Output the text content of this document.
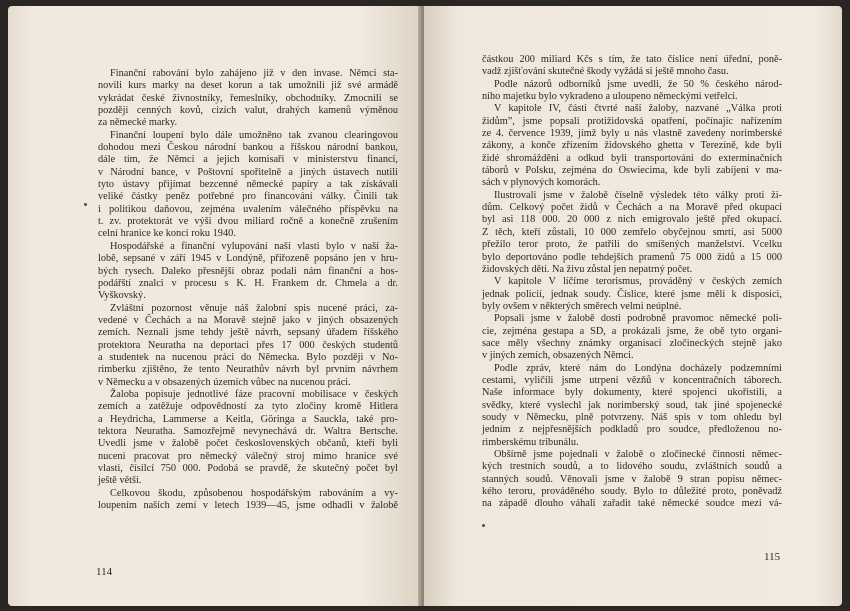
Finanční rabování bylo zahájeno již v den invase. Němci sta-
novili kurs marky na deset korun a tak umožnili již své armádě
vykrádat české živnostníky, řemeslníky, obchodníky. Zmocnili se
později cenných kovů, cizích valut, drahých kamenů výměnou
za německé marky.
Finanční loupení bylo dále umožněno tak zvanou clearingovou
dohodou mezi Českou národní bankou a říšskou národní bankou,
dále tím, že Němci a jejich komisaři v ministerstvu financí,
v Národní bance, v Poštovní spořitelně a jiných ústavech nutili
tyto ústavy přijímat bezcenné německé papíry a tak získávali
veliké částky peněz potřebné pro financování války. Činili tak
i politikou daňovou, zejména uvalením válečného příspěvku na
t. zv. protektorát ve výši dvou miliard ročně a konečně zrušením
celní hranice ke konci roku 1940.
Hospodářské a finanční vylupování naší vlasti bylo v naší ža-
lobě, sepsané v září 1945 v Londýně, přiřozeně popsáno jen v hru-
bých rysech. Daleko přesnější obraz podali nám finanční a hos-
podářští znalci v procesu s K. H. Frankem dr. Chmela a dr.
Vyškovský.
Zvláštní pozornost věnuje náš žalobní spis nucené práci, za-
vedené v Čechách a na Moravě stejně jako v jiných obsazených
zemích. Neznali jsme tehdy ještě návrh, sepsaný úřadem říšského
protektora Neuratha na deportaci přes 17 000 českých studentů
a studentek na nucenou práci do Německa. Bylo později v No-
rimberku zjištěno, že tento Neurathův návrh byl prvním návrhem
v Německu a v obsazených územích vůbec na nucenou práci.
Žaloba popisuje jednotlivé fáze pracovní mobilisace v českých
zemích a zatěžuje odpovědností za tyto zločiny kromě Hitlera
a Heydricha, Lammerse a Keitla, Göringa a Sauckla, také pro-
tektora Neuratha. Samozřejmě nevynechává dr. Waltra Bertsche.
Uvedli jsme v žalobě počet československých občanů, kteří byli
nuceni pracovat pro německý válečný stroj mimo hranice své
vlasti, čísilcí 750 000. Podobá se pravdě, že skutečný počet byl
ještě větší.
Celkovou škodu, způsobenou hospodářským rabováním a vy-
loupením naších zemí v letech 1939—45, jsme odhadli v žalobě
114
částkou 200 miliard Kčs s tím, že tato číslice není úřední, poně-
vadž zjišťování skutečné škody vyžádá si ještě mnoho času.
Podle názorů odborníků jsme uvedli, že 50 % českého národ-
ního majetku bylo vykradeno a uloupeno německými vetřelci.
V kapitole IV, části čtvrté naší žaloby, nazvané „Válka proti
židům”, jsme popsali protižidovská opatření, počínajíc nařízením
ze 4. července 1939, jímž byly u nás vlastně zavedeny norimberské
zákony, a konče zřízením židovského ghetta v Terezíně, kde byli
židé shromážděni a odkud byli transportováni do exterminačních
táborů v Polsku, zejména do Oswiecima, kde byli zabíjeni v ma-
sách v plynových komorách.
Ilustrovali jsme v žalobě číselně výsledek této války proti ži-
dům. Celkový počet židů v Čechách a na Moravě před okupací
byl asi 118 000. 20 000 z nich emigrovalo ještě před okupací.
Z těch, kteří zůstali, 10 000 zemřelo obyčejnou smrtí, asi 5000
přežilo teror proto, že patřili do smíšených manželství. Vcelku
bylo deportováno podle tehdejších pramenů 75 000 židů a 15 000
židovských dětí. Na živu zůstal jen nepatrný počet.
V kapitole V líčíme terorismus, prováděný v českých zemích
jednak policií, jednak soudy. Číslice, které jsme měli k disposici,
byly ovšem v některých směrech velmi neúplné.
Popsali jsme v žalobě dosti podrobně pravomoc německé poli-
cie, zejména gestapa a SD, a prokázali jsme, že obě tyto organi-
sace měly všechny známky organisací zločineckých stejně jako
v jiných zemích, obsazených Němci.
Podle zpráv, které nám do Londýna docházely podzemními
cestami, vyličili jsme utrpení vězňů v koncentračních táborech.
Naše informace byly dokumenty, které spojenci ukořistili, a
svědky, které vyslechl jak norimberský soud, tak jiné spojenecké
soudy v Německu, plně potvrzeny. Náš spis v tom ohledu byl
jedním z nejpřesnějších podkladů pro soudce, předloženou no-
rimberskému tribunálu.
Obšírně jsme pojednali v žalobě o zločinecké činnosti němec-
kých trestních soudů, a to lidového soudu, zvláštních soudů a
stanných soudů. Věnovali jsme v žalobě 9 stran popisu němec-
kého teroru, prováděného soudy. Bylo to důležité proto, poněvadž
na západě dlouho váhali zařadit také německé soudce mezi vá-
115
